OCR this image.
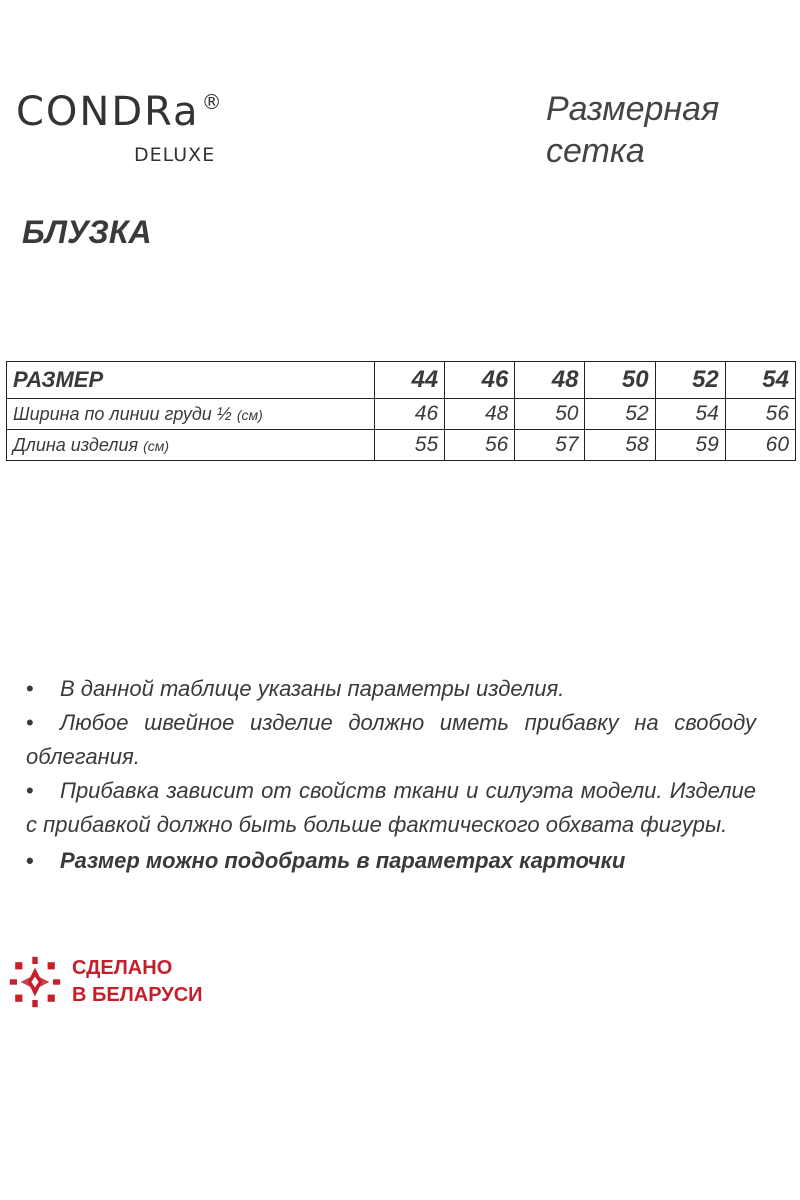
CONDRa ®
DELUXE
Размерная
сетка
БЛУЗКА
РАЗМЕР	44	46	48	50	52	54
Ширина по линии груди ½ (см)	46	48	50	52	54	56
Длина изделия (см)	55	56	57	58	59	60

• В данной таблице указаны параметры изделия.

• Любое швейное изделие должно иметь прибавку на свободу облегания.

• Прибавка зависит от свойств ткани и силуэта модели. Изделие с прибавкой должно быть больше фактического обхвата фигуры.

• Размер можно подобрать в параметрах карточки

СДЕЛАНО
В БЕЛАРУСИ
